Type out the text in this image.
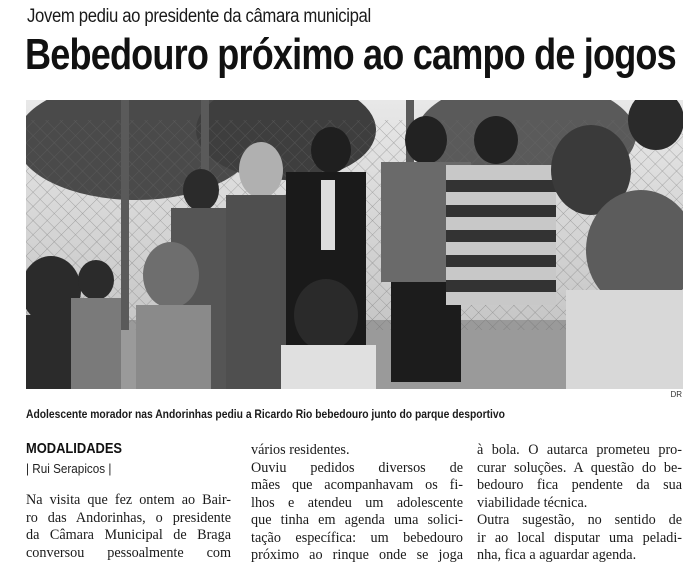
Jovem pediu ao presidente da câmara municipal
Bebedouro próximo ao campo de jogos
DR
Adolescente morador nas Andorinhas pediu a Ricardo Rio bebedouro junto do parque desportivo
MODALIDADES
| Rui Serapicos |
Na visita que fez ontem ao Bair-
ro das Andorinhas, o presidente
da Câmara Municipal de Braga
conversou pessoalmente com
vários residentes.
Ouviu pedidos diversos de
mães que acompanhavam os fi-
lhos e atendeu um adolescente
que tinha em agenda uma solici-
tação específica: um bebedouro
próximo ao rinque onde se joga
à bola. O autarca prometeu pro-
curar soluções. A questão do be-
bedouro fica pendente da sua
viabilidade técnica.
Outra sugestão, no sentido de
ir ao local disputar uma peladi-
nha, fica a aguardar agenda.
